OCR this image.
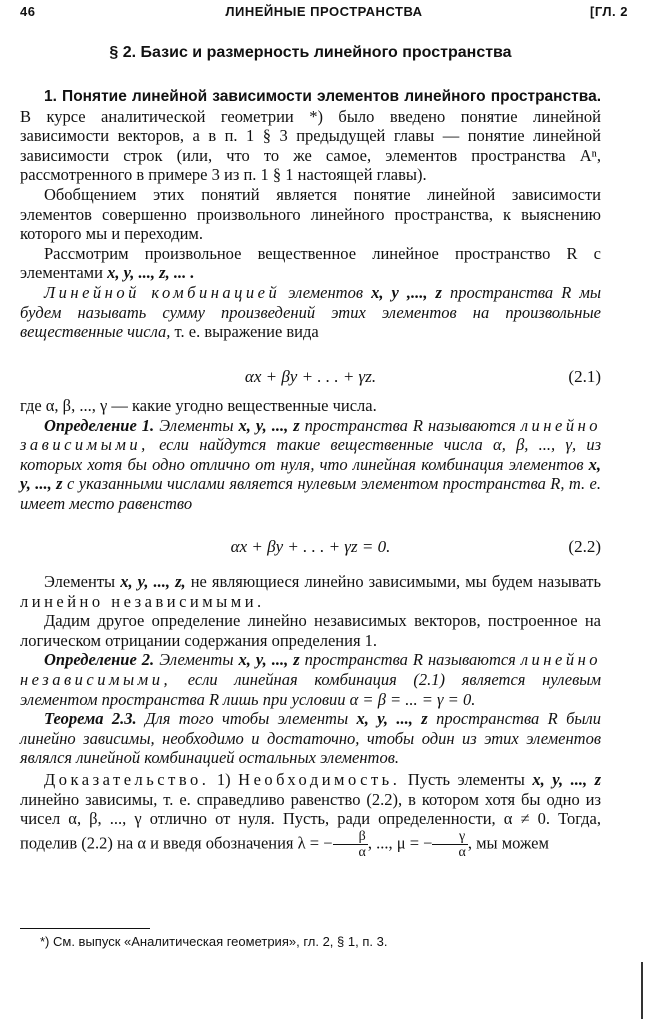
46	ЛИНЕЙНЫЕ ПРОСТРАНСТВА	[ГЛ. 2
§ 2. Базис и размерность линейного пространства

1. Понятие линейной зависимости элементов линейного пространства. В курсе аналитической геометрии *) было введено понятие линейной зависимости векторов, а в п. 1 § 3 предыдущей главы — понятие линейной зависимости строк (или, что то же самое, элементов пространства Aⁿ, рассмотренного в примере 3 из п. 1 § 1 настоящей главы).

Обобщением этих понятий является понятие линейной зависимости элементов совершенно произвольного линейного пространства, к выяснению которого мы и переходим.

Рассмотрим произвольное вещественное линейное пространство R с элементами x, y, ..., z, ... .

Линейной комбинацией элементов x, y ,..., z пространства R мы будем называть сумму произведений этих элементов на произвольные вещественные числа, т. е. выражение вида

αx + βy + . . . + γz.	(2.1)

где α, β, ..., γ — какие угодно вещественные числа.

Определение 1. Элементы x, y, ..., z пространства R называются линейно зависимыми, если найдутся такие вещественные числа α, β, ..., γ, из которых хотя бы одно отлично от нуля, что линейная комбинация элементов x, y, ..., z с указанными числами является нулевым элементом пространства R, т. е. имеет место равенство

αx + βy + . . . + γz = 0.	(2.2)

Элементы x, y, ..., z, не являющиеся линейно зависимыми, мы будем называть линейно независимыми.

Дадим другое определение линейно независимых векторов, построенное на логическом отрицании содержания определения 1.

Определение 2. Элементы x, y, ..., z пространства R называются линейно независимыми, если линейная комбинация (2.1) является нулевым элементом пространства R лишь при условии α = β = ... = γ = 0.

Теорема 2.3. Для того чтобы элементы x, y, ..., z пространства R были линейно зависимы, необходимо и достаточно, чтобы один из этих элементов являлся линейной комбинацией остальных элементов.

Доказательство. 1) Необходимость. Пусть элементы x, y, ..., z линейно зависимы, т. е. справедливо равенство (2.2), в котором хотя бы одно из чисел α, β, ..., γ отлично от нуля. Пусть, ради определенности, α ≠ 0. Тогда, поделив (2.2) на α и введя обозначения λ = − $\frac{\beta}{\alpha}$ , ..., μ = − $\frac{\gamma}{\alpha}$ , мы можем

*) См. выпуск «Аналитическая геометрия», гл. 2, § 1, п. 3.
